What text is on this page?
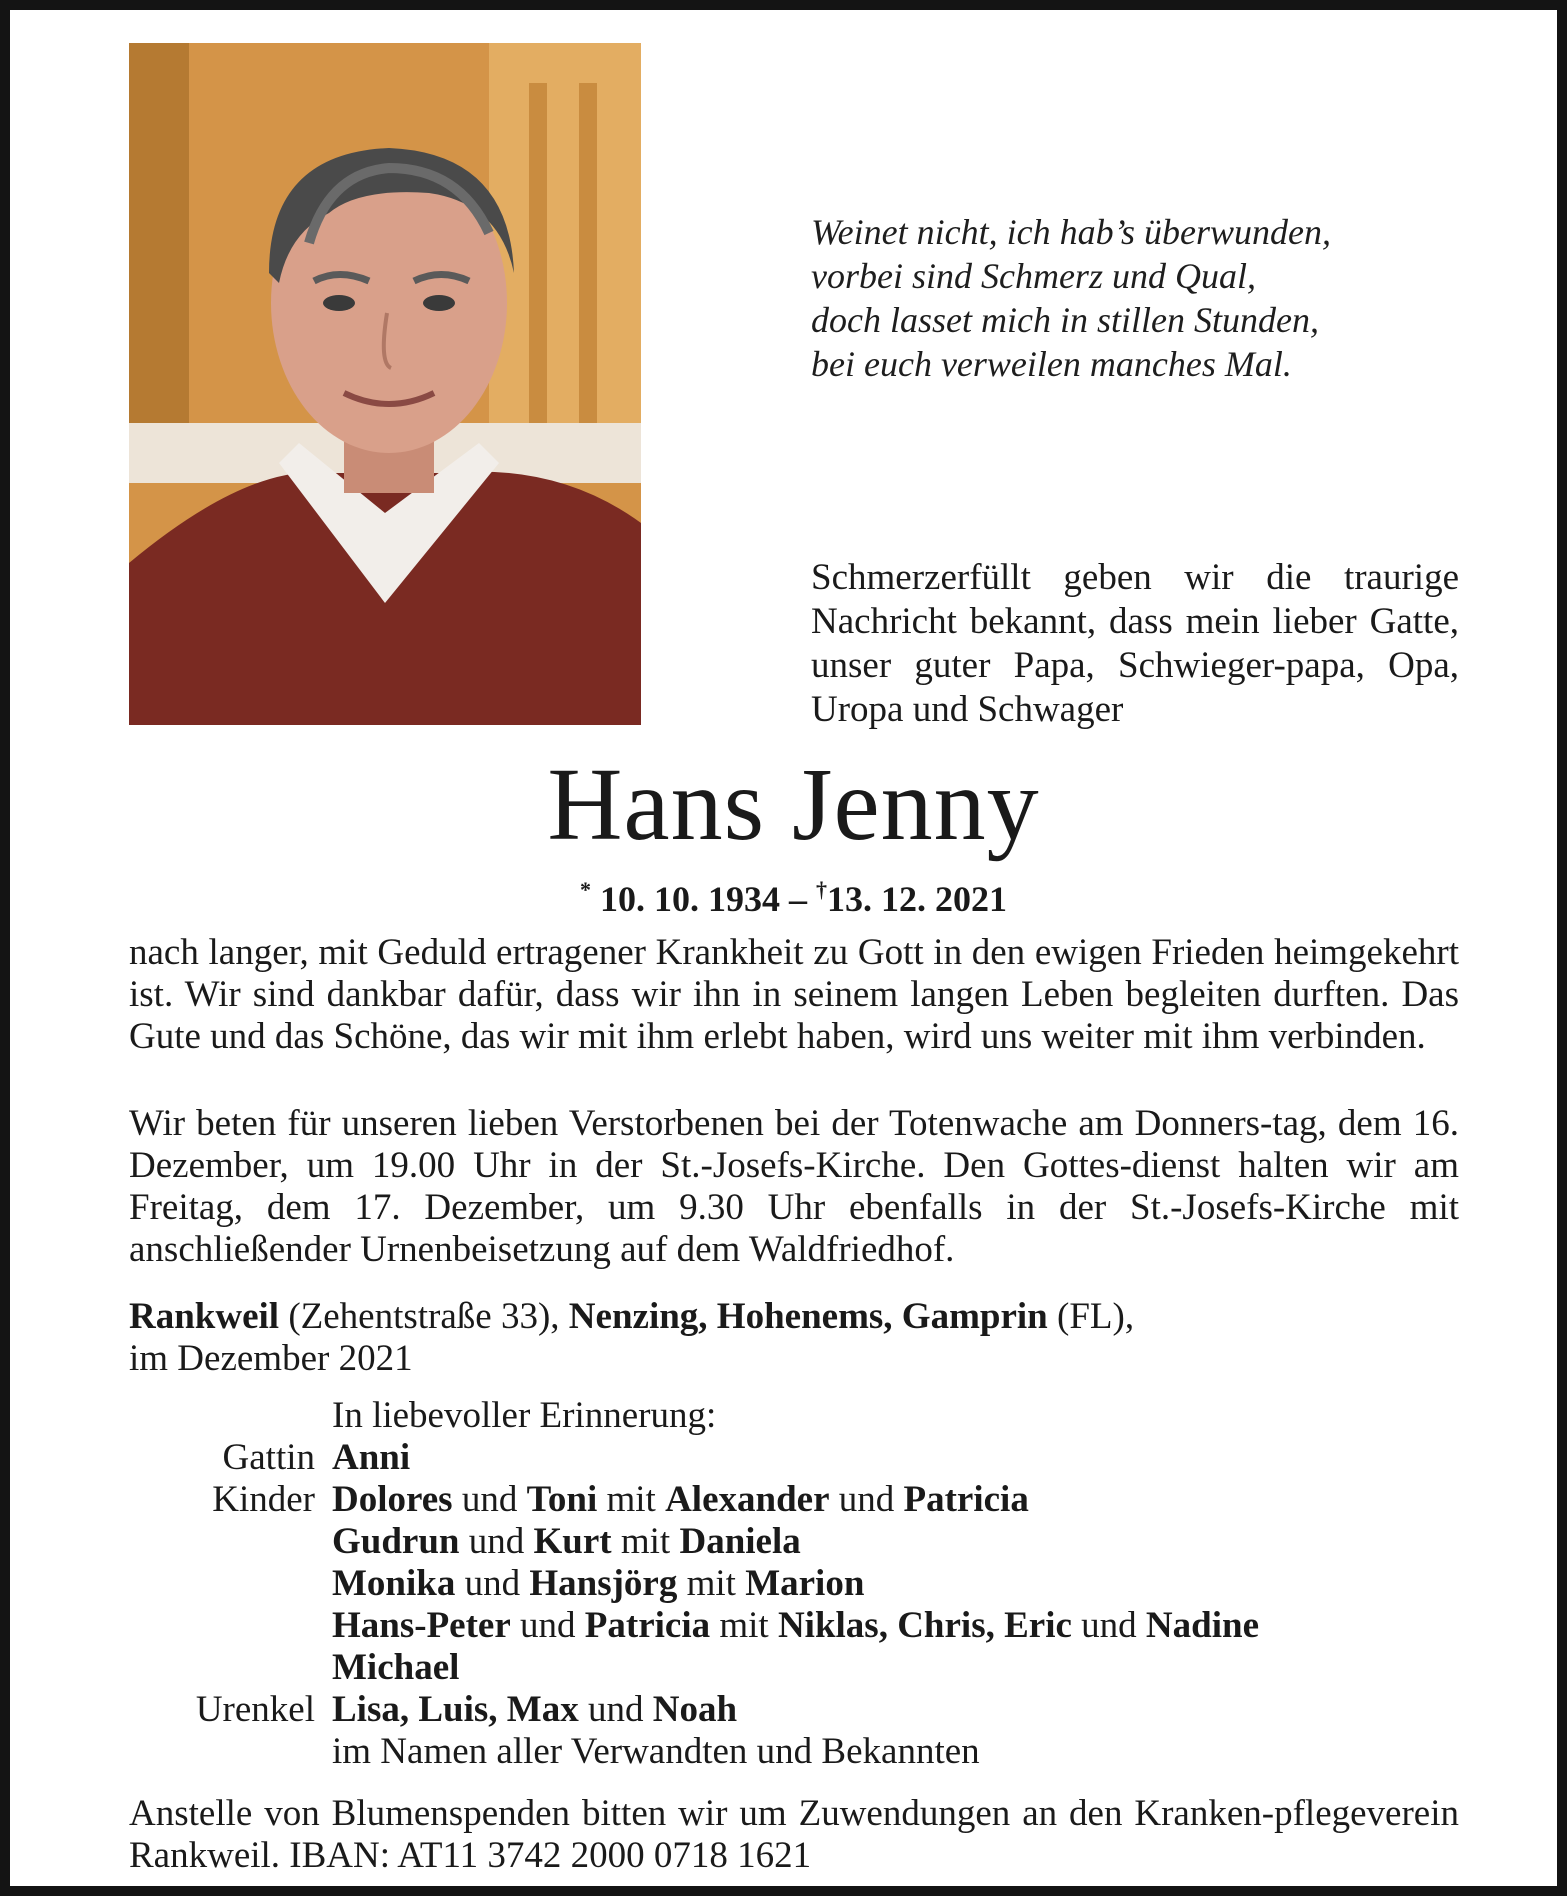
Weinet nicht, ich hab’s überwunden,
vorbei sind Schmerz und Qual,
doch lasset mich in stillen Stunden,
bei euch verweilen manches Mal.
Schmerzerfüllt geben wir die traurige Nachricht bekannt, dass mein lieber Gatte, unser guter Papa, Schwieger-papa, Opa, Uropa und Schwager
Hans Jenny
* 10. 10. 1934 – †13. 12. 2021
nach langer, mit Geduld ertragener Krankheit zu Gott in den ewigen Frieden heimgekehrt ist. Wir sind dankbar dafür, dass wir ihn in seinem langen Leben begleiten durften. Das Gute und das Schöne, das wir mit ihm erlebt haben, wird uns weiter mit ihm verbinden.
Wir beten für unseren lieben Verstorbenen bei der Totenwache am Donners-tag, dem 16. Dezember, um 19.00 Uhr in der St.-Josefs-Kirche. Den Gottes-dienst halten wir am Freitag, dem 17. Dezember, um 9.30 Uhr ebenfalls in der St.-Josefs-Kirche mit anschließender Urnenbeisetzung auf dem Waldfriedhof.
Rankweil (Zehentstraße 33), Nenzing, Hohenems, Gamprin (FL),
im Dezember 2021
In liebevoller Erinnerung:
Gattin Anni
Kinder Dolores und Toni mit Alexander und Patricia
Gudrun und Kurt mit Daniela
Monika und Hansjörg mit Marion
Hans-Peter und Patricia mit Niklas, Chris, Eric und Nadine
Michael
Urenkel Lisa, Luis, Max und Noah
im Namen aller Verwandten und Bekannten
Anstelle von Blumenspenden bitten wir um Zuwendungen an den Kranken-pflegeverein Rankweil. IBAN: AT11 3742 2000 0718 1621
